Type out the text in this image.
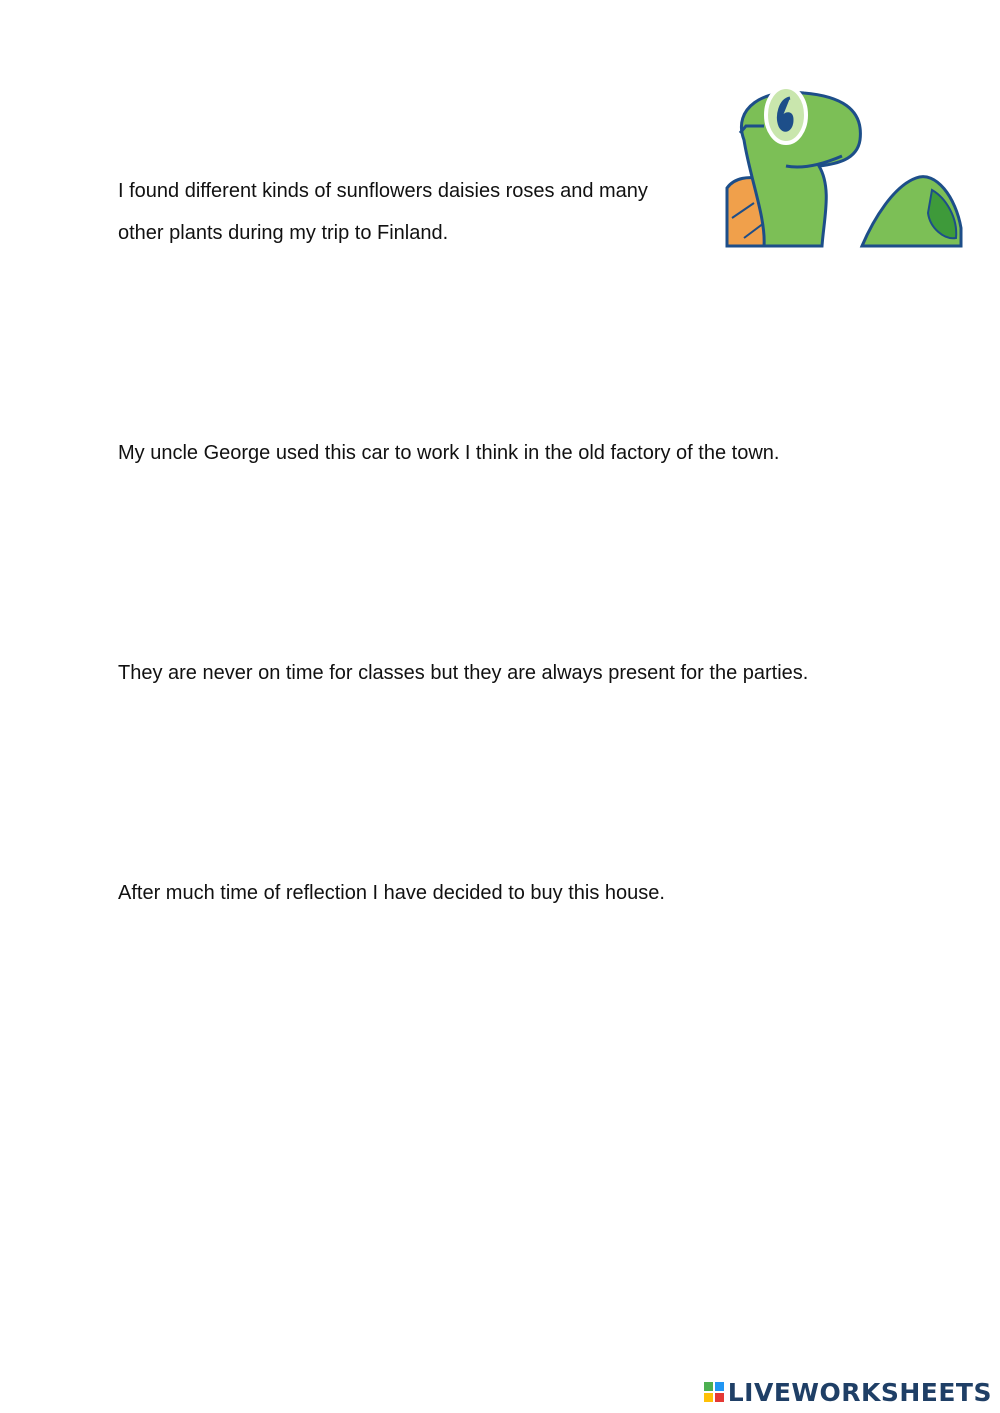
I found different kinds of sunflowers daisies roses and many
other plants during my trip to Finland.

My uncle George used this car to work I think in the old factory of the town.

They are never on time for classes but they are always present for the parties.

After much time of reflection I have decided to buy this house.

LIVEWORKSHEETS
